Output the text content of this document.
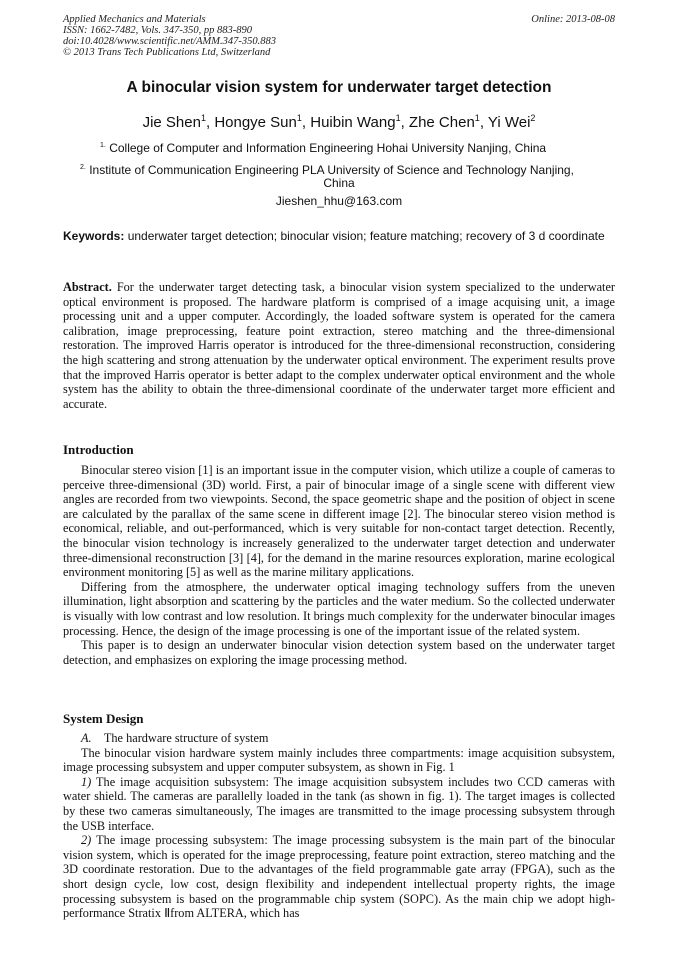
Applied Mechanics and Materials
ISSN: 1662-7482, Vols. 347-350, pp 883-890
doi:10.4028/www.scientific.net/AMM.347-350.883
© 2013 Trans Tech Publications Ltd, Switzerland
Online: 2013-08-08
A binocular vision system for underwater target detection
Jie Shen$^1$, Hongye Sun$^1$, Huibin Wang$^1$, Zhe Chen$^1$, Yi Wei$^2$
$^{1.}$ College of Computer and Information Engineering Hohai University Nanjing, China
$^{2.}$ Institute of Communication Engineering PLA University of Science and Technology Nanjing,
China
Jieshen_hhu@163.com
Keywords: underwater target detection; binocular vision; feature matching; recovery of 3 d coordinate

Abstract. For the underwater target detecting task, a binocular vision system specialized to the underwater optical environment is proposed. The hardware platform is comprised of a image acquising unit, a image processing unit and a upper computer. Accordingly, the loaded software system is operated for the camera calibration, image preprocessing, feature point extraction, stereo matching and the three-dimensional restoration. The improved Harris operator is introduced for the three-dimensional reconstruction, considering the high scattering and strong attenuation by the underwater optical environment. The experiment results prove that the improved Harris operator is better adapt to the complex underwater optical environment and the whole system has the ability to obtain the three-dimensional coordinate of the underwater target more efficient and accurate.

Introduction

Binocular stereo vision [1] is an important issue in the computer vision, which utilize a couple of cameras to perceive three-dimensional (3D) world. First, a pair of binocular image of a single scene with different view angles are recorded from two viewpoints. Second, the space geometric shape and the position of object in scene are calculated by the parallax of the same scene in different image [2]. The binocular stereo vision method is economical, reliable, and out-performanced, which is very suitable for non-contact target detection. Recently, the binocular vision technology is increasely generalized to the underwater target detection and underwater three-dimensional reconstruction [3] [4], for the demand in the marine resources exploration, marine ecological environment monitoring [5] as well as the marine military applications.

Differing from the atmosphere, the underwater optical imaging technology suffers from the uneven illumination, light absorption and scattering by the particles and the water medium. So the collected underwater is visually with low contrast and low resolution. It brings much complexity for the underwater binocular images processing. Hence, the design of the image processing is one of the important issue of the related system.

This paper is to design an underwater binocular vision detection system based on the underwater target detection, and emphasizes on exploring the image processing method.

System Design

A. The hardware structure of system

The binocular vision hardware system mainly includes three compartments: image acquisition subsystem, image processing subsystem and upper computer subsystem, as shown in Fig. 1

1) The image acquisition subsystem: The image acquisition subsystem includes two CCD cameras with water shield. The cameras are parallelly loaded in the tank (as shown in fig. 1). The target images is collected by these two cameras simultaneously, The images are transmitted to the image processing subsystem through the USB interface.

2) The image processing subsystem: The image processing subsystem is the main part of the binocular vision system, which is operated for the image preprocessing, feature point extraction, stereo matching and the 3D coordinate restoration. Due to the advantages of the field programmable gate array (FPGA), such as the short design cycle, low cost, design flexibility and independent intellectual property rights, the image processing subsystem is based on the programmable chip system (SOPC). As the main chip we adopt high-performance Stratix Ⅱfrom ALTERA, which has
